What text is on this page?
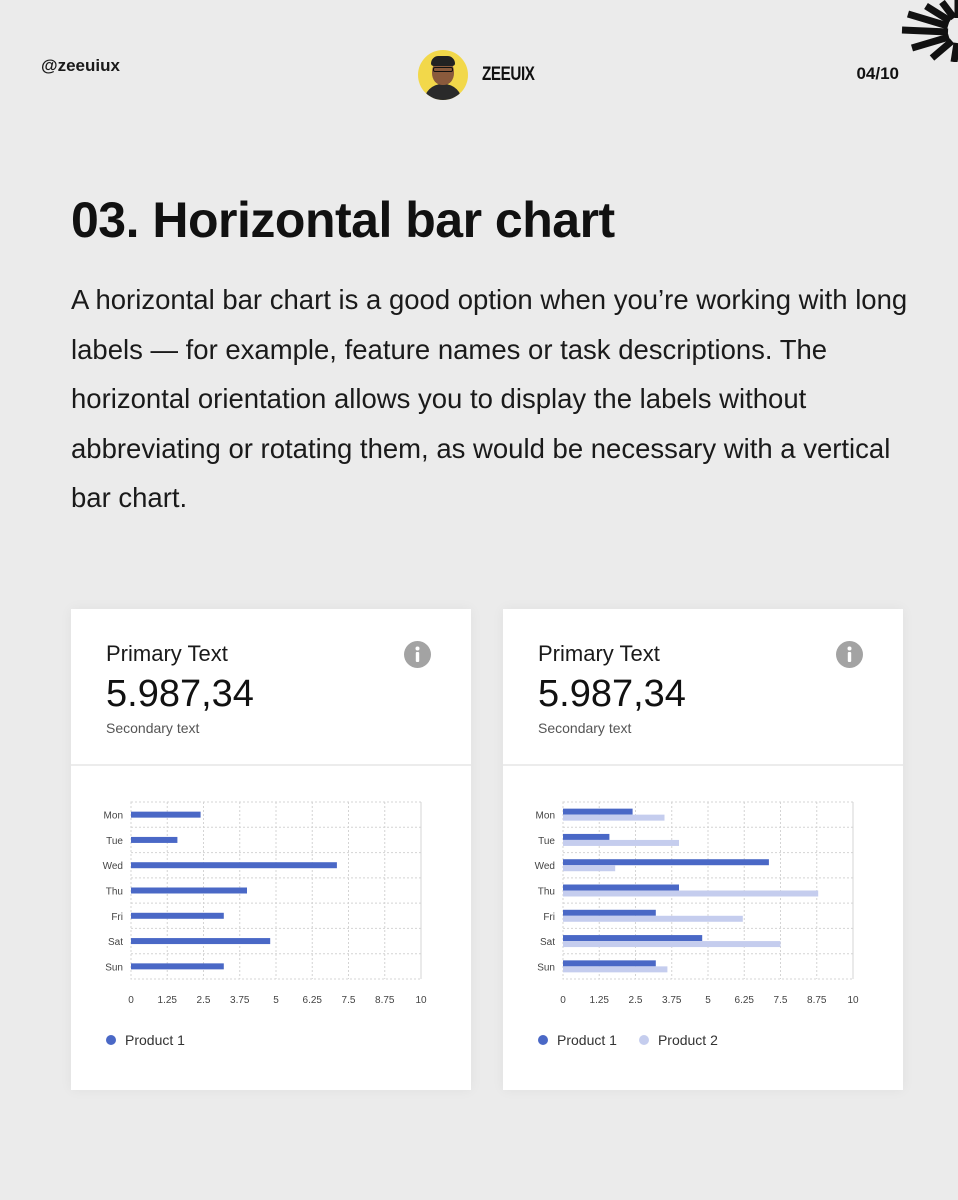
@zeeuiux	ZEEUIX	04/10
03. Horizontal bar chart

A horizontal bar chart is a good option when you’re working with long labels — for example, feature names or task descriptions. The horizontal orientation allows you to display the labels without abbreviating or rotating them, as would be necessary with a vertical bar chart.

Primary Text
5.987,34
Secondary text
0 1.25 2.5 3.75 5 6.25 7.5 8.75 10
Mon
Tue
Wed
Thu
Fri
Sat
Sun
Product 1
Primary Text
5.987,34
Secondary text
0 1.25 2.5 3.75 5 6.25 7.5 8.75 10
Mon
Tue
Wed
Thu
Fri
Sat
Sun
Product 1	Product 2
